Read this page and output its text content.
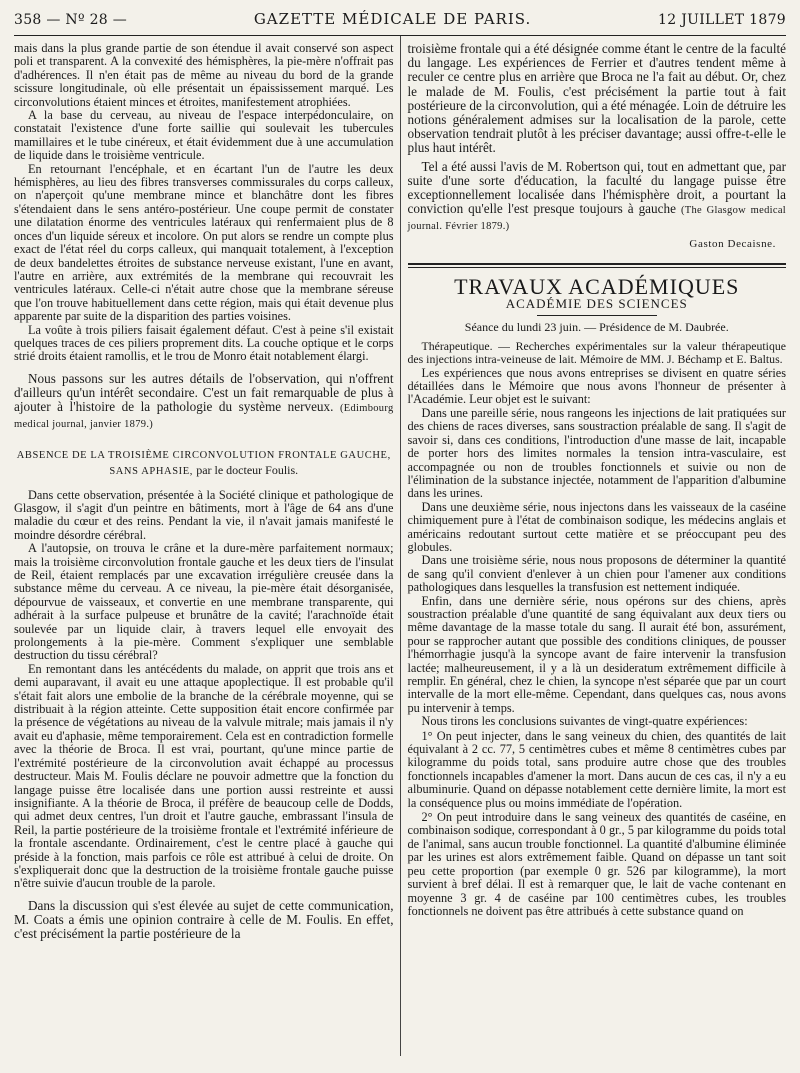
358 — Nº 28 —	GAZETTE MÉDICALE DE PARIS.	12 JUILLET 1879

mais dans la plus grande partie de son étendue il avait conservé son aspect poli et transparent. A la convexité des hémisphères, la pie-mère n'offrait pas d'adhérences. Il n'en était pas de même au niveau du bord de la grande scissure longitudinale, où elle présentait un épaississement marqué. Les circonvolutions étaient minces et étroites, manifestement atrophiées.

A la base du cerveau, au niveau de l'espace interpédonculaire, on constatait l'existence d'une forte saillie qui soulevait les tubercules mamillaires et le tube cinéreux, et était évidemment due à une accumulation de liquide dans le troisième ventricule.

En retournant l'encéphale, et en écartant l'un de l'autre les deux hémisphères, au lieu des fibres transverses commissurales du corps calleux, on n'aperçoit qu'une membrane mince et blanchâtre dont les fibres s'étendaient dans le sens antéro-postérieur. Une coupe permit de constater une dilatation énorme des ventricules latéraux qui renfermaient plus de 8 onces d'un liquide séreux et incolore. On put alors se rendre un compte plus exact de l'état réel du corps calleux, qui manquait totalement, à l'exception de deux bandelettes étroites de substance nerveuse existant, l'une en avant, l'autre en arrière, aux extrémités de la membrane qui recouvrait les ventricules latéraux. Celle-ci n'était autre chose que la membrane séreuse que l'on trouve habituellement dans cette région, mais qui était devenue plus apparente par suite de la disparition des parties voisines.

La voûte à trois piliers faisait également défaut. C'est à peine s'il existait quelques traces de ces piliers proprement dits. La couche optique et le corps strié droits étaient ramollis, et le trou de Monro était notablement élargi.

Nous passons sur les autres détails de l'observation, qui n'offrent d'ailleurs qu'un intérêt secondaire. C'est un fait remarquable de plus à ajouter à l'histoire de la pathologie du système nerveux. (Edimbourg medical journal, janvier 1879.)

ABSENCE DE LA TROISIÈME CIRCONVOLUTION FRONTALE GAUCHE,
SANS APHASIE, par le docteur Foulis.

Dans cette observation, présentée à la Société clinique et pathologique de Glasgow, il s'agit d'un peintre en bâtiments, mort à l'âge de 64 ans d'une maladie du cœur et des reins. Pendant la vie, il n'avait jamais manifesté le moindre désordre cérébral.

A l'autopsie, on trouva le crâne et la dure-mère parfaitement normaux; mais la troisième circonvolution frontale gauche et les deux tiers de l'insulat de Reil, étaient remplacés par une excavation irrégulière creusée dans la substance même du cerveau. A ce niveau, la pie-mère était désorganisée, dépourvue de vaisseaux, et convertie en une membrane transparente, qui adhérait à la surface pulpeuse et brunâtre de la cavité; l'arachnoïde était soulevée par un liquide clair, à travers lequel elle envoyait des prolongements à la pie-mère. Comment s'expliquer une semblable destruction du tissu cérébral?

En remontant dans les antécédents du malade, on apprit que trois ans et demi auparavant, il avait eu une attaque apoplectique. Il est probable qu'il s'était fait alors une embolie de la branche de la cérébrale moyenne, qui se distribuait à la région atteinte. Cette supposition était encore confirmée par la présence de végétations au niveau de la valvule mitrale; mais jamais il n'y avait eu d'aphasie, même temporairement. Cela est en contradiction formelle avec la théorie de Broca. Il est vrai, pourtant, qu'une mince partie de l'extrémité postérieure de la circonvolution avait échappé au processus destructeur. Mais M. Foulis déclare ne pouvoir admettre que la fonction du langage puisse être localisée dans une portion aussi restreinte et aussi insignifiante. A la théorie de Broca, il préfère de beaucoup celle de Dodds, qui admet deux centres, l'un droit et l'autre gauche, embrassant l'insula de Reil, la partie postérieure de la troisième frontale et l'extrémité inférieure de la frontale ascendante. Ordinairement, c'est le centre placé à gauche qui préside à la fonction, mais parfois ce rôle est attribué à celui de droite. On s'expliquerait donc que la destruction de la troisième frontale gauche puisse n'être suivie d'aucun trouble de la parole.

Dans la discussion qui s'est élevée au sujet de cette communication, M. Coats a émis une opinion contraire à celle de M. Foulis. En effet, c'est précisément la partie postérieure de la

troisième frontale qui a été désignée comme étant le centre de la faculté du langage. Les expériences de Ferrier et d'autres tendent même à reculer ce centre plus en arrière que Broca ne l'a fait au début. Or, chez le malade de M. Foulis, c'est précisément la partie tout à fait postérieure de la circonvolution, qui a été ménagée. Loin de détruire les notions généralement admises sur la localisation de la parole, cette observation tendrait plutôt à les préciser davantage; aussi offre-t-elle le plus haut intérêt.

Tel a été aussi l'avis de M. Robertson qui, tout en admettant que, par suite d'une sorte d'éducation, la faculté du langage puisse être exceptionnellement localisée dans l'hémisphère droit, a pourtant la conviction qu'elle l'est presque toujours à gauche (The Glasgow medical journal. Février 1879.)

Gaston Decaisne.
TRAVAUX ACADÉMIQUES
ACADÉMIE DES SCIENCES
Séance du lundi 23 juin. — Présidence de M. Daubrée.

Thérapeutique. — Recherches expérimentales sur la valeur thérapeutique des injections intra-veineuse de lait. Mémoire de MM. J. Béchamp et E. Baltus.

Les expériences que nous avons entreprises se divisent en quatre séries détaillées dans le Mémoire que nous avons l'honneur de présenter à l'Académie. Leur objet est le suivant:

Dans une pareille série, nous rangeons les injections de lait pratiquées sur des chiens de races diverses, sans soustraction préalable de sang. Il s'agit de savoir si, dans ces conditions, l'introduction d'une masse de lait, incapable de porter hors des limites normales la tension intra-vasculaire, est accompagnée ou non de troubles fonctionnels et suivie ou non de l'élimination de la substance injectée, notamment de l'apparition d'albumine dans les urines.

Dans une deuxième série, nous injectons dans les vaisseaux de la caséine chimiquement pure à l'état de combinaison sodique, les médecins anglais et américains redoutant surtout cette matière et se préoccupant peu des globules.

Dans une troisième série, nous nous proposons de déterminer la quantité de sang qu'il convient d'enlever à un chien pour l'amener aux conditions pathologiques dans lesquelles la transfusion est nettement indiquée.

Enfin, dans une dernière série, nous opérons sur des chiens, après soustraction préalable d'une quantité de sang équivalant aux deux tiers ou même davantage de la masse totale du sang. Il aurait été bon, assurément, pour se rapprocher autant que possible des conditions cliniques, de pousser l'hémorrhagie jusqu'à la syncope avant de faire intervenir la transfusion lactée; malheureusement, il y a là un desideratum extrêmement difficile à remplir. En général, chez le chien, la syncope n'est séparée que par un court intervalle de la mort elle-même. Cependant, dans quelques cas, nous avons pu intervenir à temps.

Nous tirons les conclusions suivantes de vingt-quatre expériences:

1° On peut injecter, dans le sang veineux du chien, des quantités de lait équivalant à 2 cc. 77, 5 centimètres cubes et même 8 centimètres cubes par kilogramme du poids total, sans produire autre chose que des troubles fonctionnels incapables d'amener la mort. Dans aucun de ces cas, il n'y a eu albuminurie. Quand on dépasse notablement cette dernière limite, la mort est la conséquence plus ou moins immédiate de l'opération.

2° On peut introduire dans le sang veineux des quantités de caséine, en combinaison sodique, correspondant à 0 gr., 5 par kilogramme du poids total de l'animal, sans aucun trouble fonctionnel. La quantité d'albumine éliminée par les urines est alors extrêmement faible. Quand on dépasse un tant soit peu cette proportion (par exemple 0 gr. 526 par kilogramme), la mort survient à bref délai. Il est à remarquer que, le lait de vache contenant en moyenne 3 gr. 4 de caséine par 100 centimètres cubes, les troubles fonctionnels ne doivent pas être attribués à cette substance quand on
